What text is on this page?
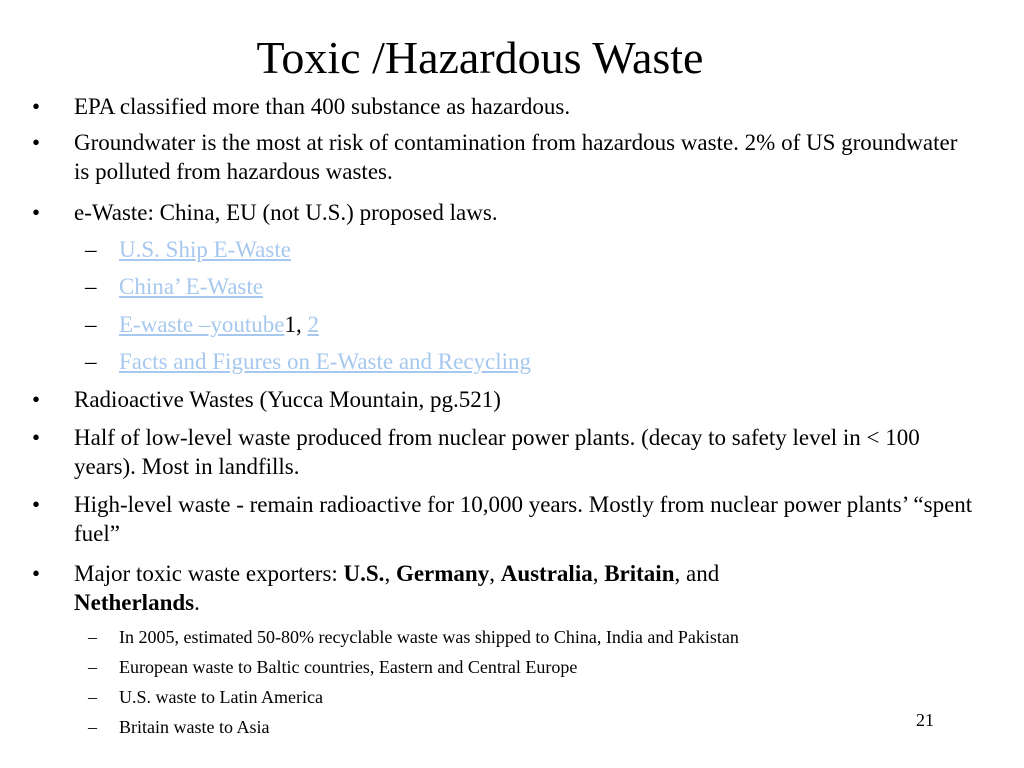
Toxic /Hazardous Waste
• EPA classified more than 400 substance as hazardous.
• Groundwater is the most at risk of contamination from hazardous waste. 2% of US groundwater is polluted from hazardous wastes.
• e-Waste: China, EU (not U.S.) proposed laws.
– U.S. Ship E-Waste
– China’ E-Waste
– E-waste –youtube1, 2
– Facts and Figures on E-Waste and Recycling
• Radioactive Wastes (Yucca Mountain, pg.521)
• Half of low-level waste produced from nuclear power plants. (decay to safety level in < 100 years). Most in landfills.
• High-level waste - remain radioactive for 10,000 years. Mostly from nuclear power plants’ “spent fuel”
• Major toxic waste exporters: U.S., Germany, Australia, Britain, and
Netherlands.
– In 2005, estimated 50-80% recyclable waste was shipped to China, India and Pakistan
– European waste to Baltic countries, Eastern and Central Europe
– U.S. waste to Latin America
– Britain waste to Asia	21
